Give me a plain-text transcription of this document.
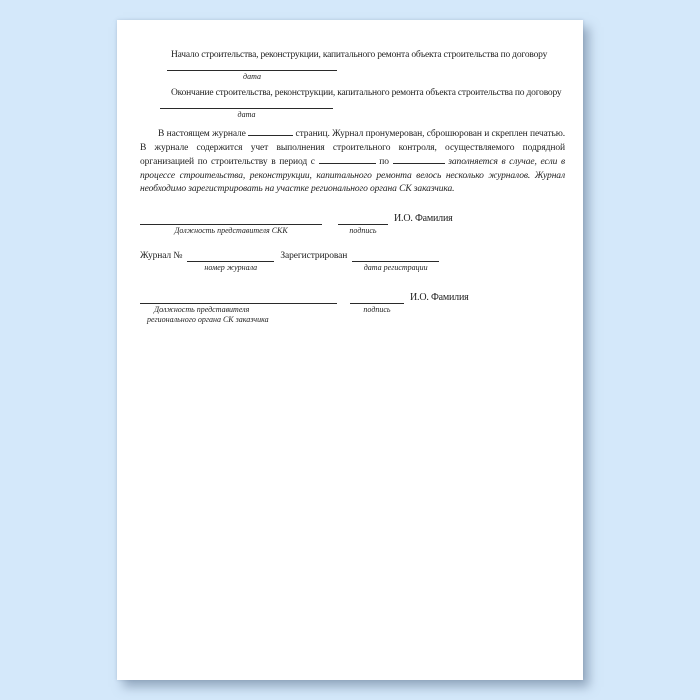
Начало строительства, реконструкции, капитального ремонта объекта строительства по договору
дата
Окончание строительства, реконструкции, капитального ремонта объекта строительства по договору
дата

В настоящем журнале	страниц. Журнал пронумерован, сброшюрован и скреплен печатью. В журнале содержится учет выполнения строительного контроля, осуществляемого подрядной организацией по строительству в период с	по	заполняется в случае, если в процессе строительства, реконструкции, капитального ремонта велось несколько журналов. Журнал необходимо зарегистрировать на участке регионального органа СК заказчика.

Должность представителя СКК	подпись
И.О. Фамилия
Журнал №
номер журнала
Зарегистрирован
дата регистрации
Должность представителя
регионального органа СК заказчика
подпись
И.О. Фамилия
